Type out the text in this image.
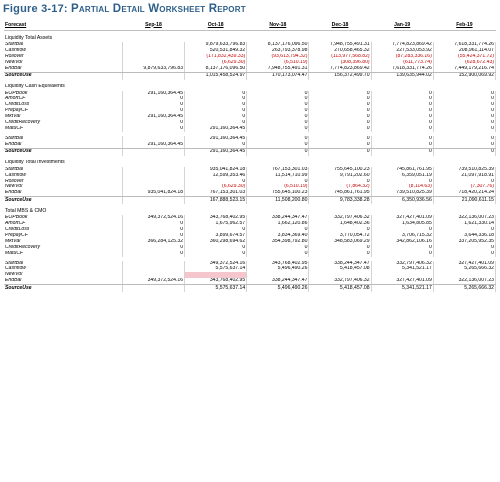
Figure 3-17: Partial Detail Worksheet Report
Forecast	Sep-18	Oct-18	Nov-18	Dec-18	Jan-19	Feb-19

Liquidity Total Assets						
StartBal		9,879,633,796.83	8,137,176,096.50	7,948,755,491.31	7,774,823,869.42	7,618,331,774.26
Cashflow		520,531,849.32	263,793,378.98	270,658,465.32	227,533,053.92	208,961,114.07
Rollover		(171,832,439.33)	(93,613,794.32)	(113,977,568.82)	(87,283,336.16)	(55,424,371.72)
NewVol		(6,629.30)	(6,510.19)	(308,396.80)	(611,773.74)	(628,672.43)
EndBal	9,879,633,796.83	8,137,176,096.50	7,948,755,491.31	7,774,823,869.42	7,618,331,774.26	7,449,179,216.74
SourceUse		1,015,458,524.97	170,173,074.47	156,372,499.70	139,635,944.02	152,900,069.92

Liquidity Cash Equivalents						
EOPBook	291,160,364.45	0	0	0	0	0
AmortCF	0	0	0	0	0	0
CreditLoss	0	0	0	0	0	0
PrepayCF	0	0	0	0	0	0
MktVal	291,160,364.45	0	0	0	0	0
CreditRecovery	0	0	0	0	0	0
MatuCF	0	291,160,364.45	0	0	0	0

StartBal		291,160,364.45	0	0	0	0
EndBal	291,160,364.45	0	0	0	0	0
SourceUse		291,160,364.45	0	0	0	0

Liquidity Total Investments						
StartBal		935,041,824.18	767,153,301.03	755,645,100.23	745,861,761.95	739,510,825.39
Cashflow		12,599,353.46	11,514,710.99	9,791,202.60	6,359,051.19	21,097,918.91
Rollover		0	0	0	0	0
NewVol		(6,629.30)	(6,510.19)	(7,864.32)	(8,114.63)	(7,307.76)
EndBal	935,041,824.18	767,153,301.03	755,645,100.23	745,861,761.95	739,510,825.39	718,420,214.24
SourceUse		167,888,523.15	11,508,200.80	9,783,338.28	6,350,936.56	21,090,611.15

Total MBS & CMO						
EOPBook	349,372,524.16	343,768,402.95	338,244,347.47	332,797,406.32	327,427,401.09	322,136,007.23
AmortCF	0	1,675,962.57	1,662,120.86	1,648,402.36	1,634,805.85	1,621,330.14
CreditLoss	0	0	0	0	0	0
PrepayCF	0	3,899,674.57	3,834,369.40	3,770,054.72	3,706,715.32	3,644,336.18
MktVal	366,284,125.32	360,298,694.62	354,398,792.80	348,583,069.29	342,862,106.16	337,205,952.35
CreditRecovery	0	0	0	0	0	0
MatuCF	0	0	0	0	0	0

StartBal		349,372,524.16	343,768,402.95	338,244,347.47	332,797,406.32	327,427,401.09
Cashflow		5,575,637.14	5,496,490.26	5,418,457.08	5,341,521.17	5,265,666.32
NewVol						
EndBal	349,372,524.16	343,768,402.95	338,244,347.47	332,797,406.32	327,427,401.09	322,136,007.23
SourceUse		5,575,637.14	5,496,490.26	5,418,457.08	5,341,521.17	5,265,666.32
